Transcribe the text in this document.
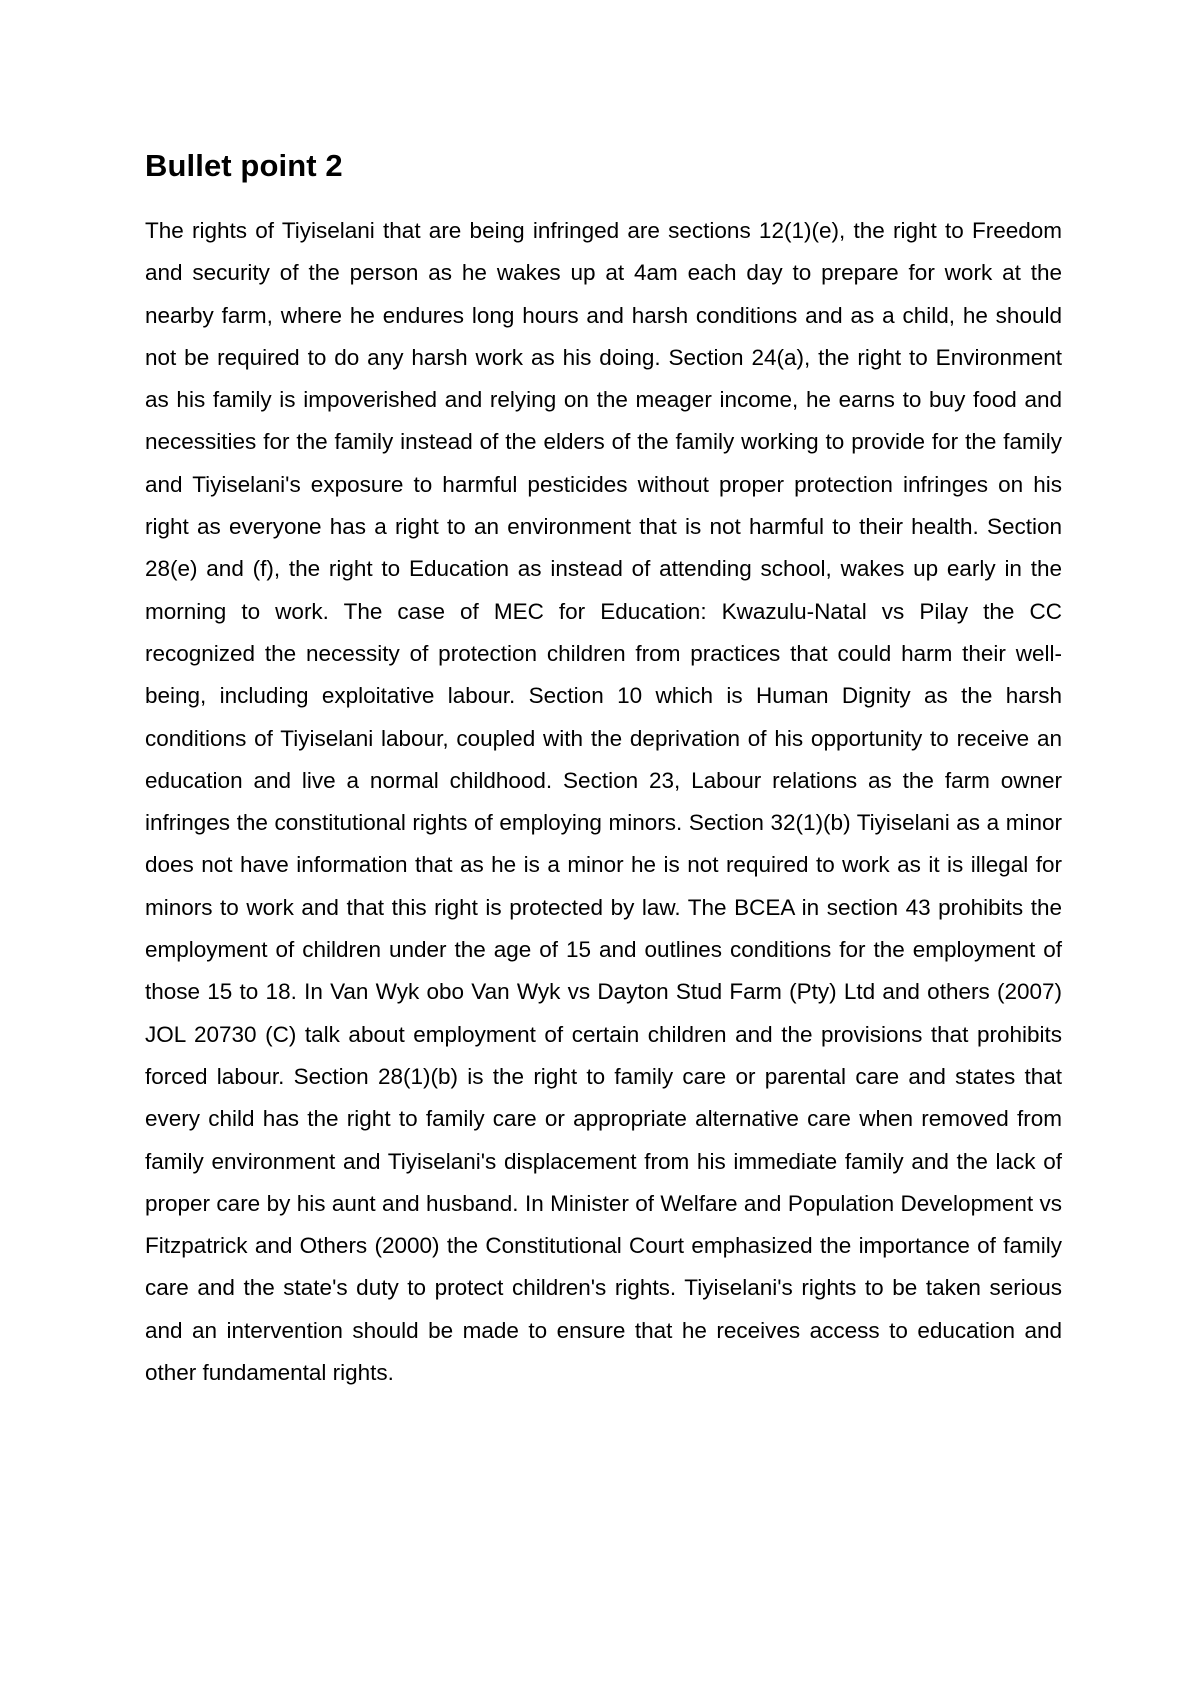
Bullet point 2

The rights of Tiyiselani that are being infringed are sections 12(1)(e), the right to Freedom and security of the person as he wakes up at 4am each day to prepare for work at the nearby farm, where he endures long hours and harsh conditions and as a child, he should not be required to do any harsh work as his doing. Section 24(a), the right to Environment as his family is impoverished and relying on the meager income, he earns to buy food and necessities for the family instead of the elders of the family working to provide for the family and Tiyiselani's exposure to harmful pesticides without proper protection infringes on his right as everyone has a right to an environment that is not harmful to their health. Section 28(e) and (f), the right to Education as instead of attending school, wakes up early in the morning to work. The case of MEC for Education: Kwazulu-Natal vs Pilay the CC recognized the necessity of protection children from practices that could harm their well-being, including exploitative labour. Section 10 which is Human Dignity as the harsh conditions of Tiyiselani labour, coupled with the deprivation of his opportunity to receive an education and live a normal childhood. Section 23, Labour relations as the farm owner infringes the constitutional rights of employing minors. Section 32(1)(b) Tiyiselani as a minor does not have information that as he is a minor he is not required to work as it is illegal for minors to work and that this right is protected by law. The BCEA in section 43 prohibits the employment of children under the age of 15 and outlines conditions for the employment of those 15 to 18. In Van Wyk obo Van Wyk vs Dayton Stud Farm (Pty) Ltd and others (2007) JOL 20730 (C) talk about employment of certain children and the provisions that prohibits forced labour. Section 28(1)(b) is the right to family care or parental care and states that every child has the right to family care or appropriate alternative care when removed from family environment and Tiyiselani's displacement from his immediate family and the lack of proper care by his aunt and husband. In Minister of Welfare and Population Development vs Fitzpatrick and Others (2000) the Constitutional Court emphasized the importance of family care and the state's duty to protect children's rights. Tiyiselani's rights to be taken serious and an intervention should be made to ensure that he receives access to education and other fundamental rights.
